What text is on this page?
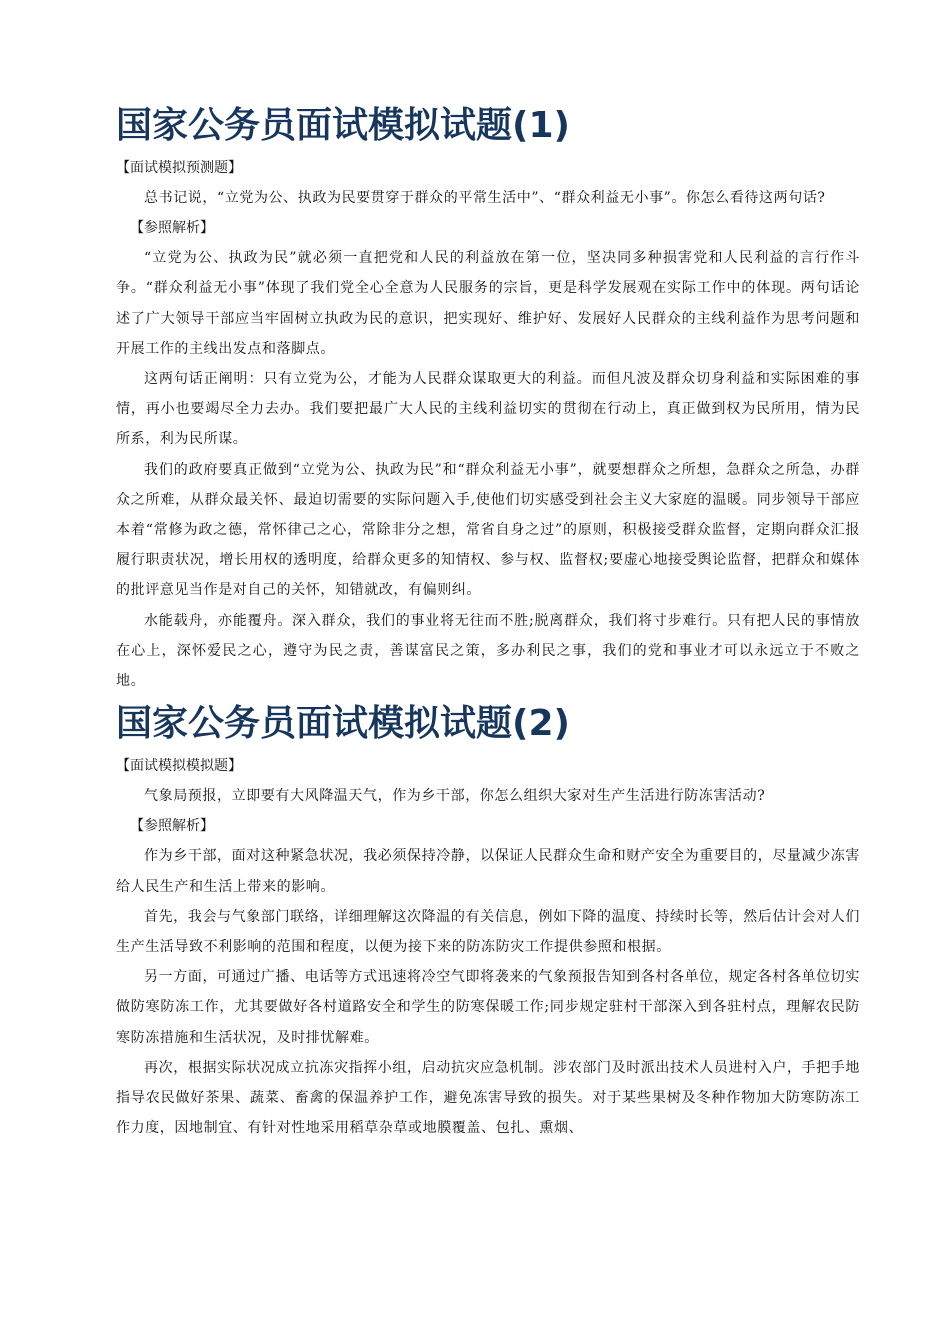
国家公务员面试模拟试题(1)

【面试模拟预测题】

总书记说，“立党为公、执政为民要贯穿于群众的平常生活中”、“群众利益无小事”。你怎么看待这两句话?

【参照解析】

“立党为公、执政为民”就必须一直把党和人民的利益放在第一位，坚决同多种损害党和人民利益的言行作斗争。“群众利益无小事”体现了我们党全心全意为人民服务的宗旨，更是科学发展观在实际工作中的体现。两句话论述了广大领导干部应当牢固树立执政为民的意识，把实现好、维护好、发展好人民群众的主线利益作为思考问题和开展工作的主线出发点和落脚点。

这两句话正阐明：只有立党为公，才能为人民群众谋取更大的利益。而但凡波及群众切身利益和实际困难的事情，再小也要竭尽全力去办。我们要把最广大人民的主线利益切实的贯彻在行动上，真正做到权为民所用，情为民所系，利为民所谋。

我们的政府要真正做到“立党为公、执政为民”和“群众利益无小事”，就要想群众之所想，急群众之所急，办群众之所难，从群众最关怀、最迫切需要的实际问题入手,使他们切实感受到社会主义大家庭的温暖。同步领导干部应本着“常修为政之德，常怀律己之心，常除非分之想，常省自身之过”的原则，积极接受群众监督，定期向群众汇报履行职责状况，增长用权的透明度，给群众更多的知情权、参与权、监督权;要虚心地接受舆论监督，把群众和媒体的批评意见当作是对自己的关怀，知错就改，有偏则纠。

水能载舟，亦能覆舟。深入群众，我们的事业将无往而不胜;脱离群众，我们将寸步难行。只有把人民的事情放在心上，深怀爱民之心，遵守为民之责，善谋富民之策，多办利民之事，我们的党和事业才可以永远立于不败之地。

国家公务员面试模拟试题(2)

【面试模拟模拟题】

气象局预报，立即要有大风降温天气，作为乡干部，你怎么组织大家对生产生活进行防冻害活动?

【参照解析】

作为乡干部，面对这种紧急状况，我必须保持冷静，以保证人民群众生命和财产安全为重要目的，尽量减少冻害给人民生产和生活上带来的影响。

首先，我会与气象部门联络，详细理解这次降温的有关信息，例如下降的温度、持续时长等，然后估计会对人们生产生活导致不利影响的范围和程度，以便为接下来的防冻防灾工作提供参照和根据。

另一方面，可通过广播、电话等方式迅速将冷空气即将袭来的气象预报告知到各村各单位，规定各村各单位切实做防寒防冻工作，尤其要做好各村道路安全和学生的防寒保暖工作;同步规定驻村干部深入到各驻村点，理解农民防寒防冻措施和生活状况，及时排忧解难。

再次，根据实际状况成立抗冻灾指挥小组，启动抗灾应急机制。涉农部门及时派出技术人员进村入户，手把手地指导农民做好茶果、蔬菜、畜禽的保温养护工作，避免冻害导致的损失。对于某些果树及冬种作物加大防寒防冻工作力度，因地制宜、有针对性地采用稻草杂草或地膜覆盖、包扎、熏烟、
